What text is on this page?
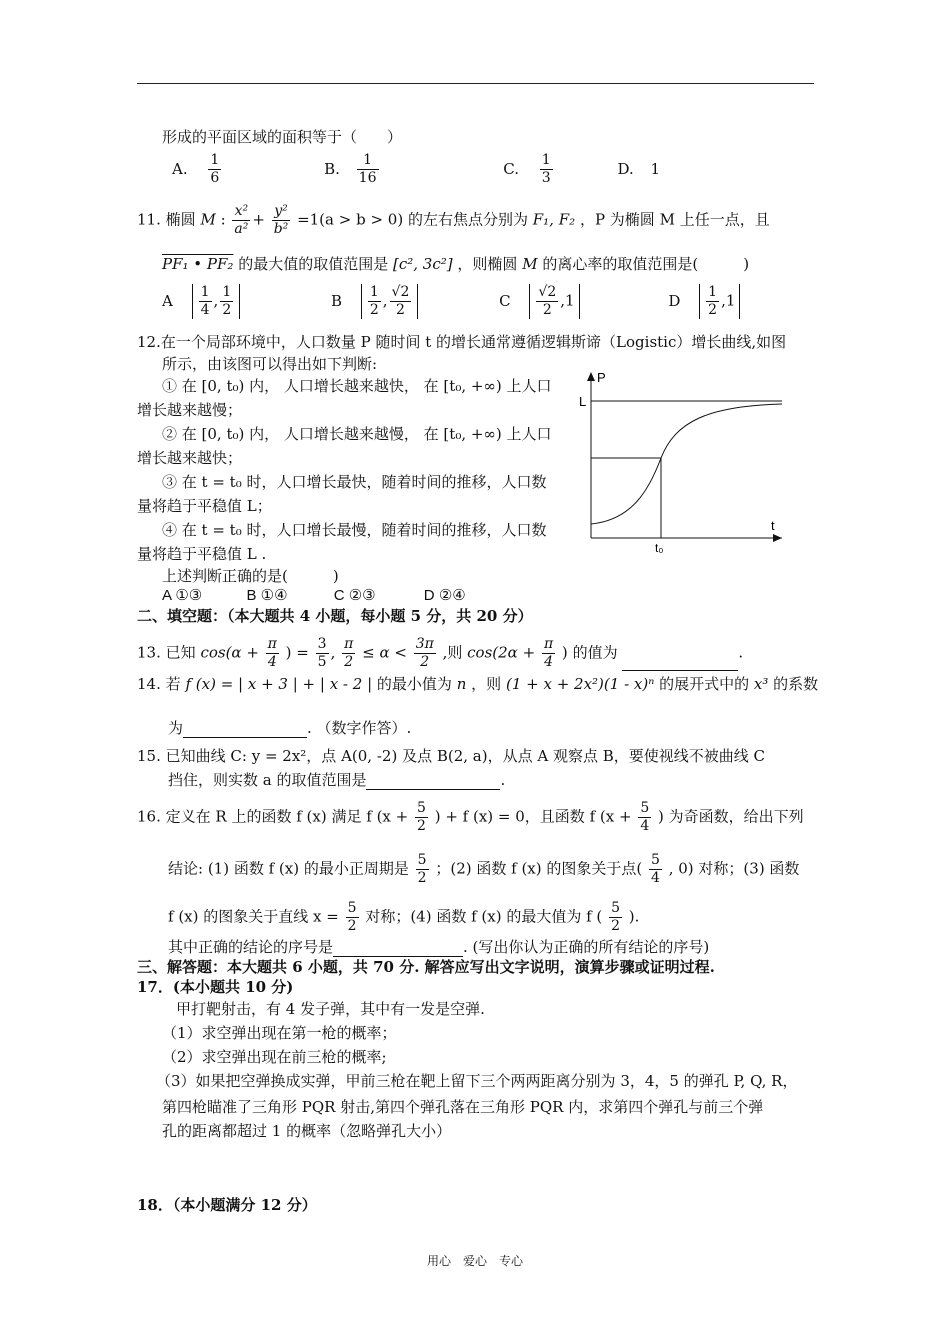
形成的平面区域的面积等于（　　）
A. $\frac{1}{6}$	B. $\frac{1}{16}$	C. $\frac{1}{3}$	D. 1
11. 椭圆 M : $\frac{\text{x²}}{\text{a²}} + \frac{\text{y²}}{\text{b²}} =1(a > b > 0)$ 的左右焦点分别为 F₁, F₂ ，P 为椭圆 M 上任一点，且
PF₁ • PF₂ 的最大值的取值范围是 [c², 3c²] ，则椭圆 M 的离心率的取值范围是(　　　)
A $\frac{1}{4}$ , $\frac{1}{2}$	B $\frac{1}{2}$ , $\frac{√2}{2}$	C $\frac{√2}{2} ,1$	D $\frac{1}{2} ,1$
12.在一个局部环境中，人口数量 P 随时间 t 的增长通常遵循逻辑斯谛（Logistic）增长曲线,如图
所示，由该图可以得出如下判断:
① 在 [0, t₀) 内， 人口增长越来越快， 在 [t₀, +∞) 上人口
增长越来越慢；
② 在 [0, t₀) 内， 人口增长越来越慢， 在 [t₀, +∞) 上人口
增长越来越快；
③ 在 t = t₀ 时，人口增长最快，随着时间的推移，人口数
量将趋于平稳值 L；
④ 在 t = t₀ 时，人口增长最慢，随着时间的推移，人口数
量将趋于平稳值 L .
上述判断正确的是(　　　)
A ①③	B ①④	C ②③	D ②④
P
L
t
t₀
二、填空题：（本大题共 4 小题，每小题 5 分，共 20 分）
13. 已知 $\cos(\alpha + \frac{\pi}{4}$ ) = $\frac{3}{5}$ , $\frac{\pi}{2} \le \alpha < \frac{3\pi}{2}$ ,则 $\cos(2\alpha + \frac{\pi}{4}$ ) 的值为	.
14. 若 f (x) = | x + 3 | + | x - 2 | 的最小值为 n ，则 (1 + x + 2x²)(1 - x)ⁿ 的展开式中的 x³ 的系数
为	. （数字作答）.
15. 已知曲线 C: y = 2x²，点 A(0, -2) 及点 B(2, a)，从点 A 观察点 B，要使视线不被曲线 C
挡住，则实数 a 的取值范围是	.
16. 定义在 R 上的函数 f (x) 满足 f ($x + \frac{5}{2}$ ) + f (x) = 0，且函数 f ($x + \frac{5}{4}$ ) 为奇函数，给出下列
结论: (1) 函数 f (x) 的最小正周期是 $\frac{5}{2}$ ；(2) 函数 f (x) 的图象关于点( $\frac{5}{4}$ , 0) 对称；(3) 函数
f (x) 的图象关于直线 $x = \frac{5}{2}$ 对称；(4) 函数 f (x) 的最大值为 f ( $\frac{5}{2}$ ).
其中正确的结论的序号是	. (写出你认为正确的所有结论的序号)
三、解答题：本大题共 6 小题，共 70 分. 解答应写出文字说明，演算步骤或证明过程.
17．(本小题共 10 分)
甲打靶射击，有 4 发子弹，其中有一发是空弹.
（1）求空弹出现在第一枪的概率；
（2）求空弹出现在前三枪的概率;
（3）如果把空弹换成实弹，甲前三枪在靶上留下三个两两距离分别为 3，4，5 的弹孔 P, Q, R，
第四枪瞄准了三角形 PQR 射击,第四个弹孔落在三角形 PQR 内，求第四个弹孔与前三个弹
孔的距离都超过 1 的概率（忽略弹孔大小）
18．（本小题满分 12 分）
用心　爱心　专心
